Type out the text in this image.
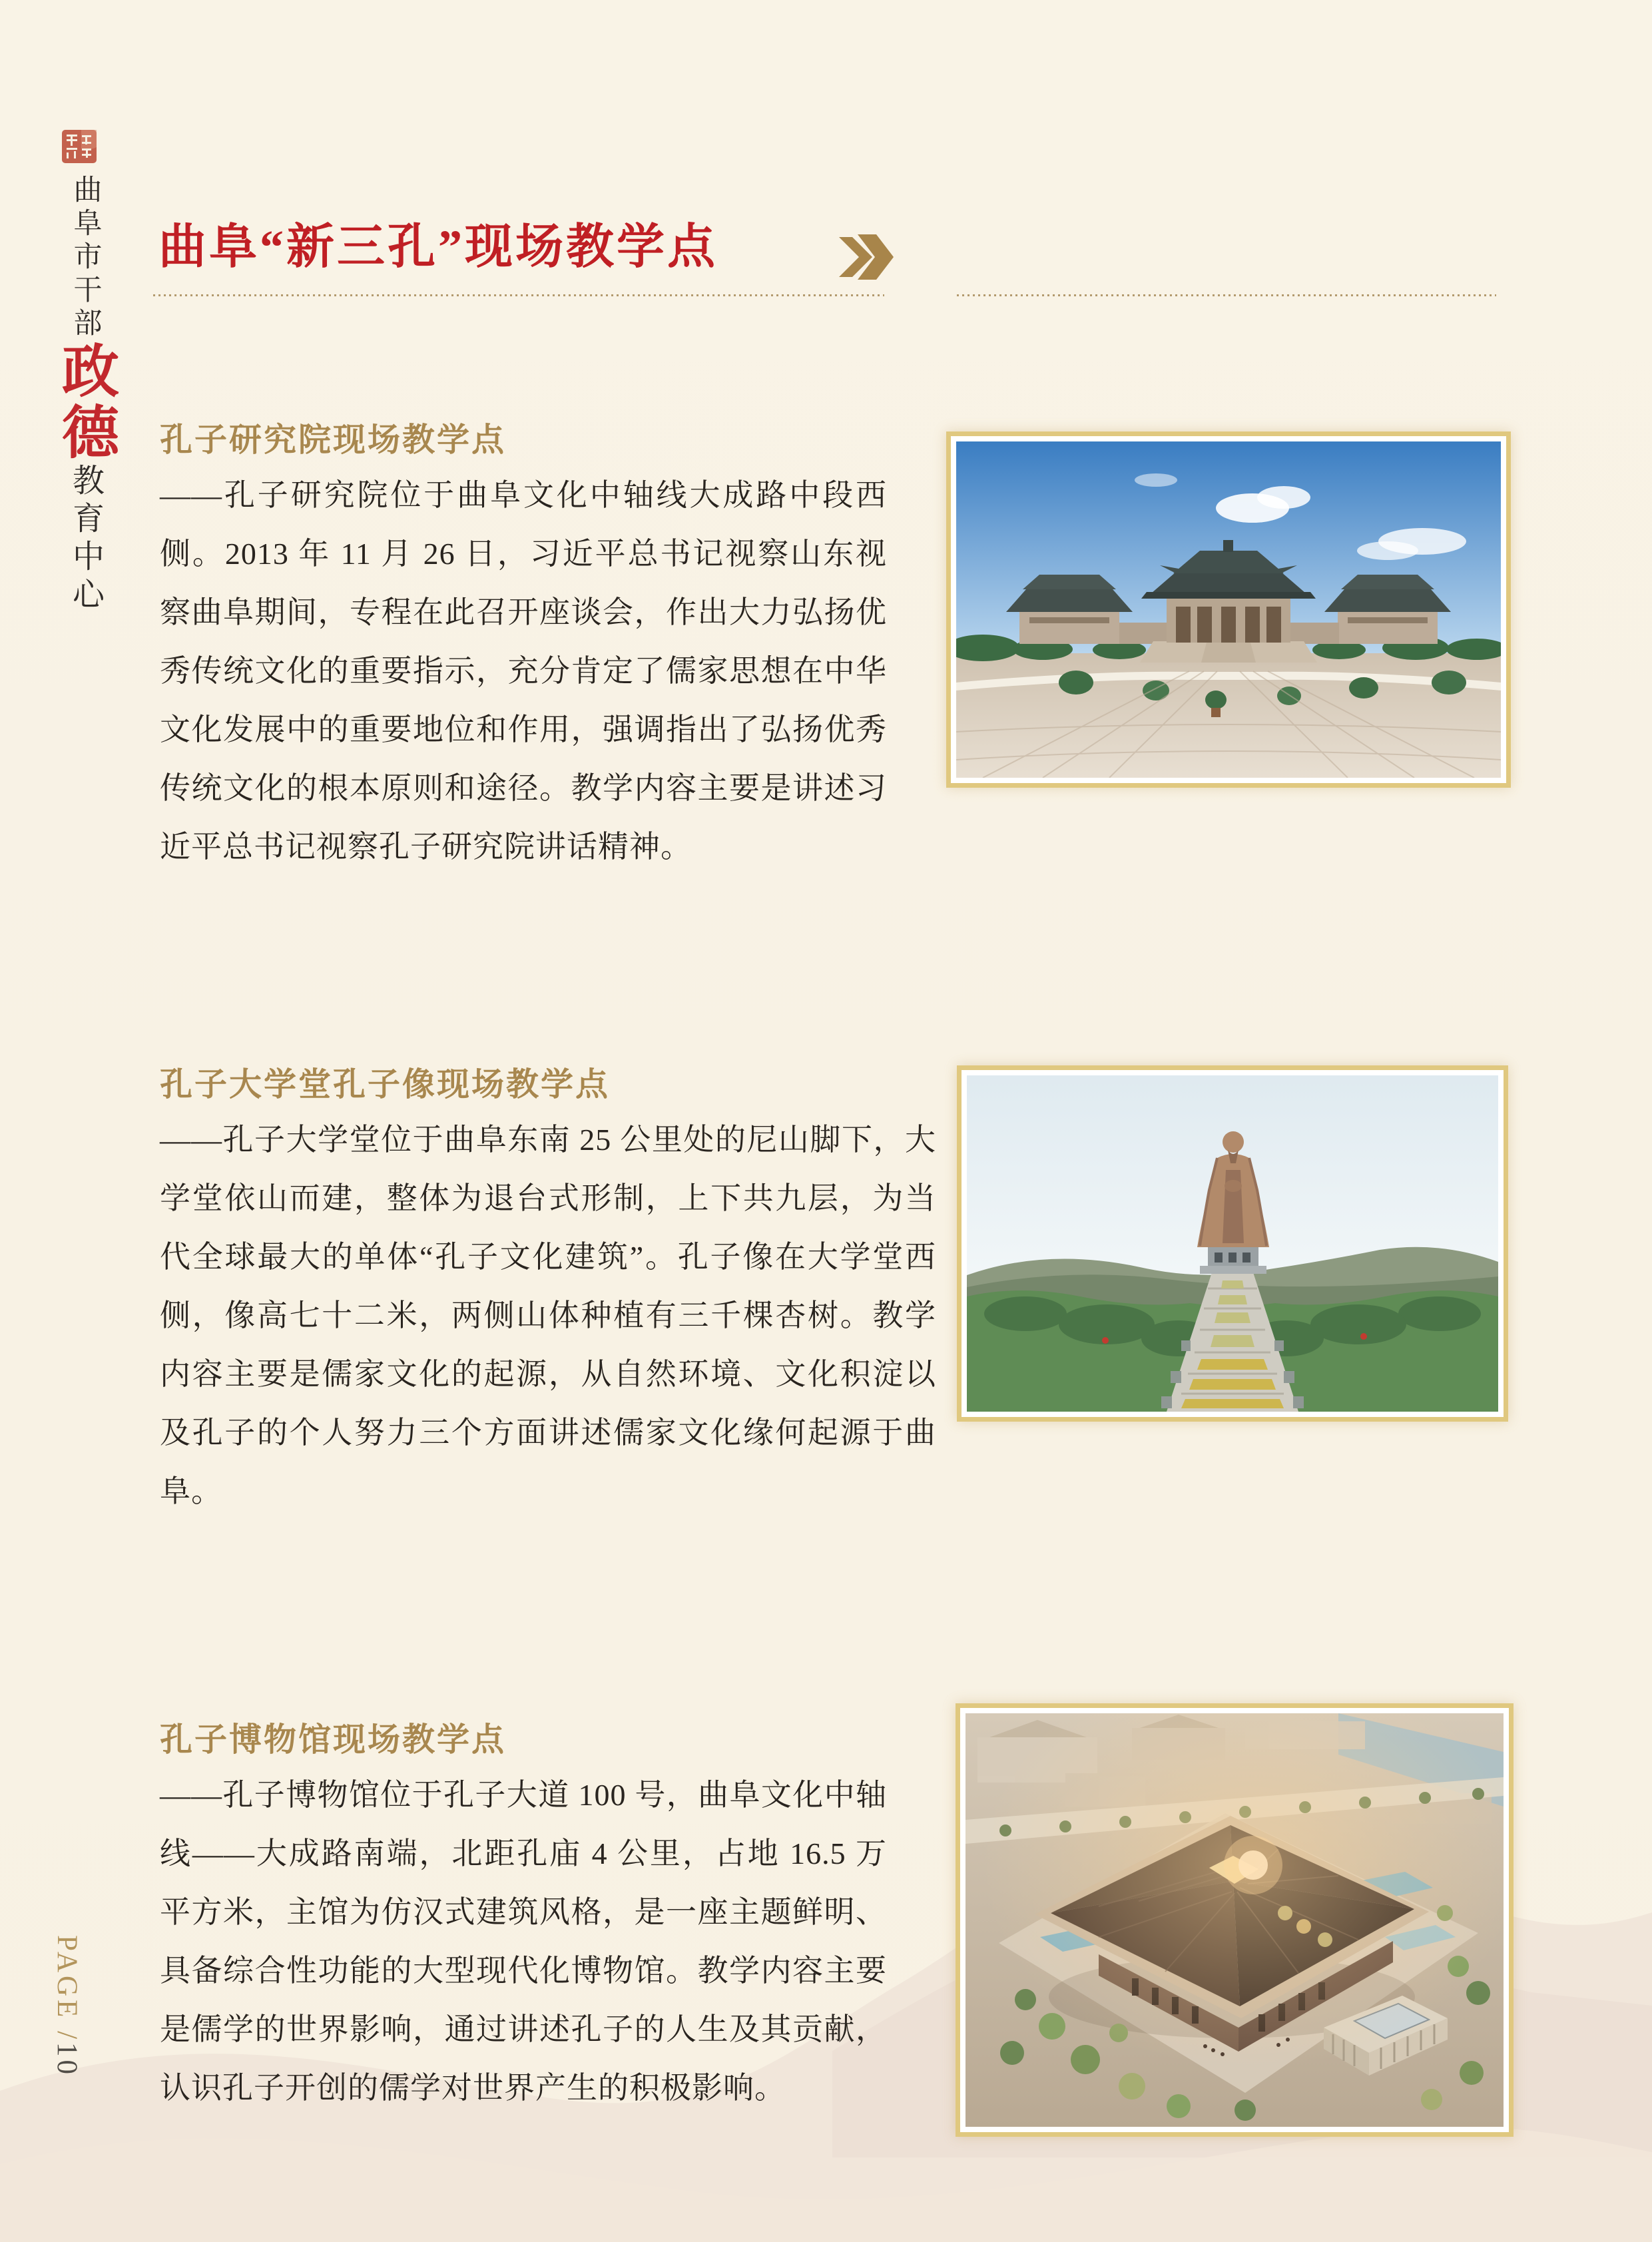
曲阜市干部
政德
教育中心
PAGE /10
曲阜“新三孔”现场教学点
孔子研究院现场教学点
——孔子研究院位于曲阜文化中轴线大成路中段西侧。2013 年 11 月 26 日，习近平总书记视察山东视察曲阜期间，专程在此召开座谈会，作出大力弘扬优秀传统文化的重要指示，充分肯定了儒家思想在中华文化发展中的重要地位和作用，强调指出了弘扬优秀传统文化的根本原则和途径。教学内容主要是讲述习近平总书记视察孔子研究院讲话精神。
孔子大学堂孔子像现场教学点
——孔子大学堂位于曲阜东南 25 公里处的尼山脚下，大学堂依山而建，整体为退台式形制，上下共九层，为当代全球最大的单体“孔子文化建筑”。孔子像在大学堂西侧，像高七十二米，两侧山体种植有三千棵杏树。教学内容主要是儒家文化的起源，从自然环境、文化积淀以及孔子的个人努力三个方面讲述儒家文化缘何起源于曲阜。
孔子博物馆现场教学点
——孔子博物馆位于孔子大道 100 号，曲阜文化中轴线——大成路南端，北距孔庙 4 公里，占地 16.5 万平方米，主馆为仿汉式建筑风格，是一座主题鲜明、具备综合性功能的大型现代化博物馆。教学内容主要是儒学的世界影响，通过讲述孔子的人生及其贡献，认识孔子开创的儒学对世界产生的积极影响。
